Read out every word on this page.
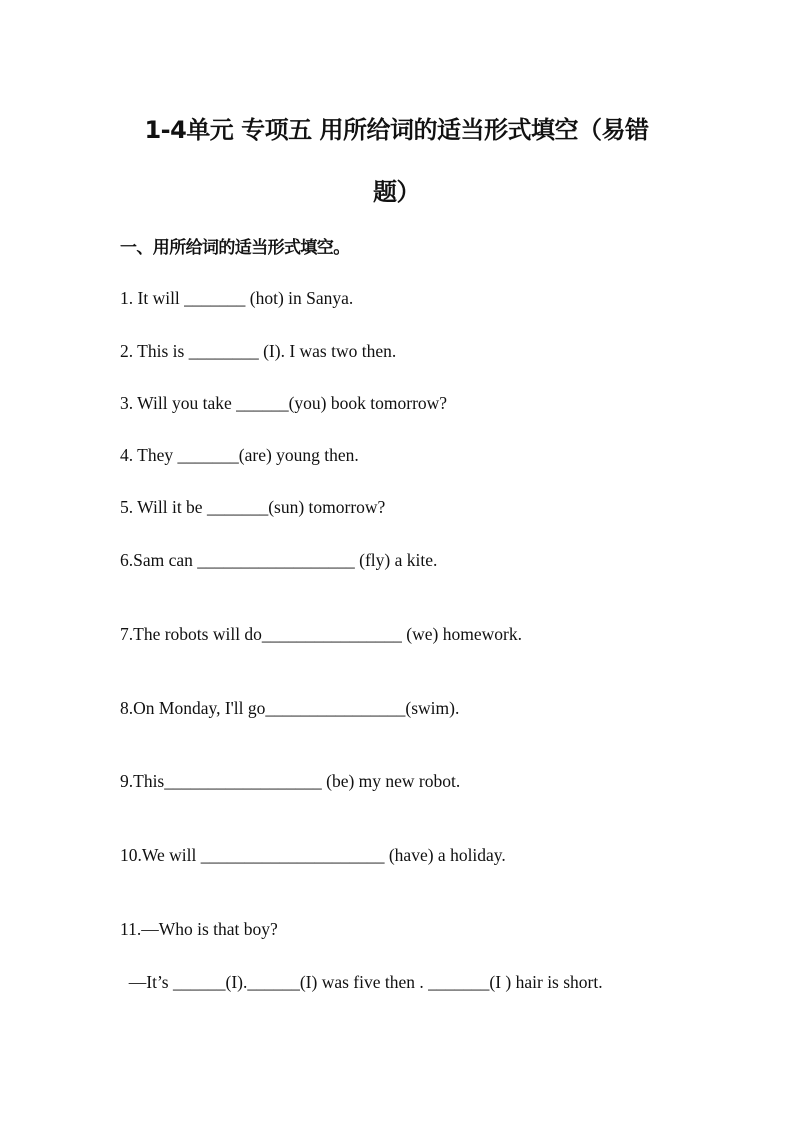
1-4单元 专项五 用所给词的适当形式填空（易错
题）
一、用所给词的适当形式填空。
1. It will _______ (hot) in Sanya.
2. This is ________ (I). I was two then.
3. Will you take ______(you) book tomorrow?
4. They _______(are) young then.
5. Will it be _______(sun) tomorrow?
6.Sam can __________________ (fly) a kite.
7.The robots will do________________ (we) homework.
8.On Monday, I'll go________________(swim).
9.This__________________ (be) my new robot.
10.We will _____________________ (have) a holiday.
11.—Who is that boy?
—It’s ______(I).______(I) was five then . _______(I ) hair is short.
